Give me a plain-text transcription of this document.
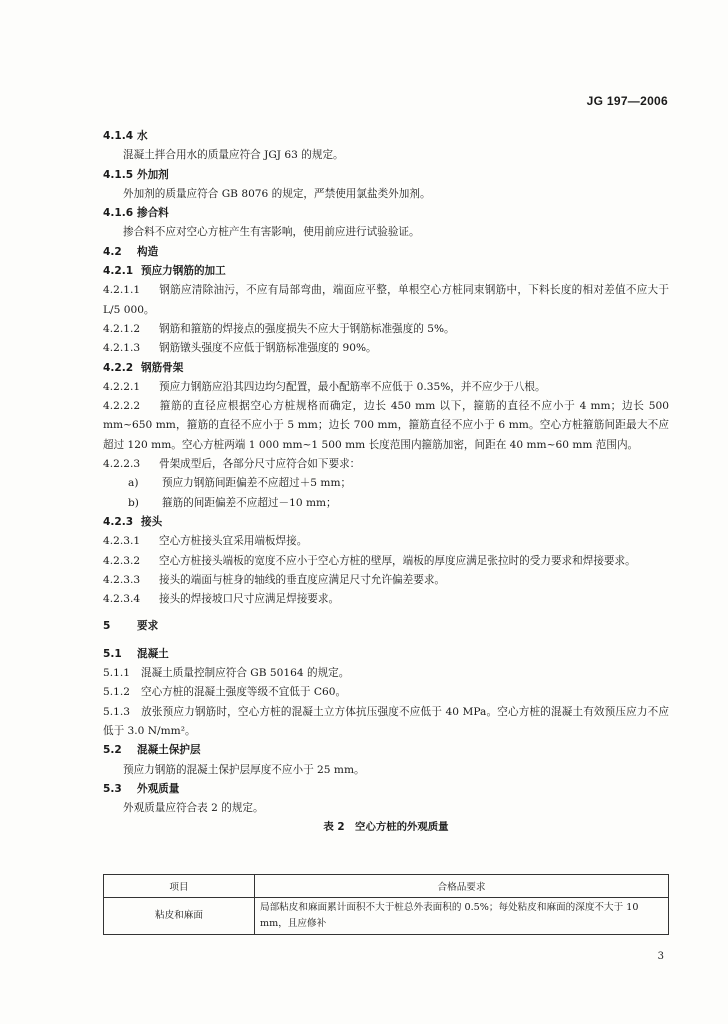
JG 197—2006
4.1.4 水
混凝土拌合用水的质量应符合 JGJ 63 的规定。
4.1.5 外加剂
外加剂的质量应符合 GB 8076 的规定，严禁使用氯盐类外加剂。
4.1.6 掺合料
掺合料不应对空心方桩产生有害影响，使用前应进行试验验证。
4.2 构造
4.2.1 预应力钢筋的加工
4.2.1.1 钢筋应清除油污，不应有局部弯曲，端面应平整，单根空心方桩同束钢筋中，下料长度的相对差值不应大于 L/5 000。
4.2.1.2 钢筋和箍筋的焊接点的强度损失不应大于钢筋标准强度的 5%。
4.2.1.3 钢筋镦头强度不应低于钢筋标准强度的 90%。
4.2.2 钢筋骨架
4.2.2.1 预应力钢筋应沿其四边均匀配置，最小配筋率不应低于 0.35%，并不应少于八根。
4.2.2.2 箍筋的直径应根据空心方桩规格而确定，边长 450 mm 以下，箍筋的直径不应小于 4 mm；边长 500 mm~650 mm，箍筋的直径不应小于 5 mm；边长 700 mm，箍筋直径不应小于 6 mm。空心方桩箍筋间距最大不应超过 120 mm。空心方桩两端 1 000 mm~1 500 mm 长度范围内箍筋加密，间距在 40 mm~60 mm 范围内。
4.2.2.3 骨架成型后，各部分尺寸应符合如下要求：
a) 预应力钢筋间距偏差不应超过＋5 mm；
b) 箍筋的间距偏差不应超过－10 mm；
4.2.3 接头
4.2.3.1 空心方桩接头宜采用端板焊接。
4.2.3.2 空心方桩接头端板的宽度不应小于空心方桩的壁厚，端板的厚度应满足张拉时的受力要求和焊接要求。
4.2.3.3 接头的端面与桩身的轴线的垂直度应满足尺寸允许偏差要求。
4.2.3.4 接头的焊接坡口尺寸应满足焊接要求。
5	要求
5.1 混凝土
5.1.1 混凝土质量控制应符合 GB 50164 的规定。
5.1.2 空心方桩的混凝土强度等级不宜低于 C60。
5.1.3 放张预应力钢筋时，空心方桩的混凝土立方体抗压强度不应低于 40 MPa。空心方桩的混凝土有效预压应力不应低于 3.0 N/mm²。
5.2 混凝土保护层
预应力钢筋的混凝土保护层厚度不应小于 25 mm。
5.3 外观质量
外观质量应符合表 2 的规定。
表 2　空心方桩的外观质量
项目	合格品要求
粘皮和麻面	局部粘皮和麻面累计面积不大于桩总外表面积的 0.5%；每处粘皮和麻面的深度不大于 10 mm，且应修补
3
